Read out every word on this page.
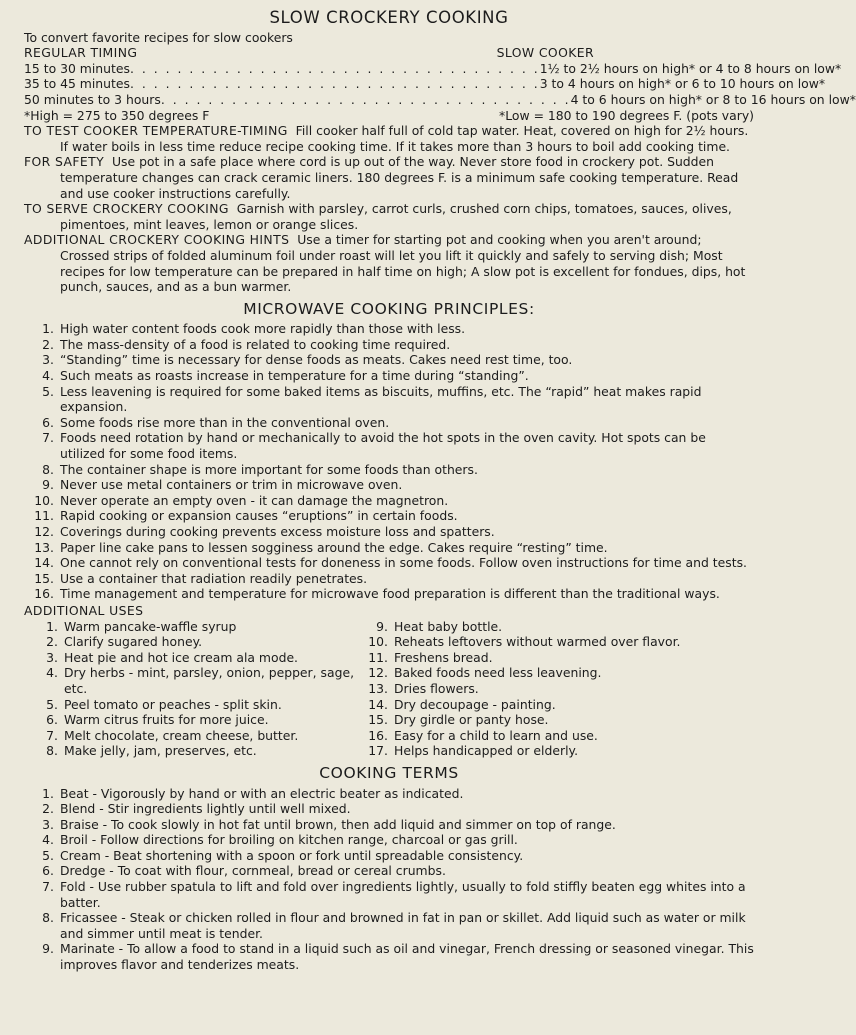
SLOW CROCKERY COOKING
To convert favorite recipes for slow cookers
REGULAR TIMING	SLOW COOKER
15 to 30 minutes . . . . . . . . . . . . . . . . . . . . . . . . . . . . . . . . . . . 1½ to 2½ hours on high* or 4 to 8 hours on low*
35 to 45 minutes . . . . . . . . . . . . . . . . . . . . . . . . . . . . . . . . . . . 3 to 4 hours on high* or 6 to 10 hours on low*
50 minutes to 3 hours . . . . . . . . . . . . . . . . . . . . . . . . . . . . . . . . . . . 4 to 6 hours on high* or 8 to 16 hours on low*
*High = 275 to 350 degrees F	*Low = 180 to 190 degrees F. (pots vary)

TO TEST COOKER TEMPERATURE-TIMING Fill cooker half full of cold tap water. Heat, covered on high for 2½ hours. If water boils in less time reduce recipe cooking time. If it takes more than 3 hours to boil add cooking time.

FOR SAFETY Use pot in a safe place where cord is up out of the way. Never store food in crockery pot. Sudden temperature changes can crack ceramic liners. 180 degrees F. is a minimum safe cooking temperature. Read and use cooker instructions carefully.

TO SERVE CROCKERY COOKING Garnish with parsley, carrot curls, crushed corn chips, tomatoes, sauces, olives, pimentoes, mint leaves, lemon or orange slices.

ADDITIONAL CROCKERY COOKING HINTS Use a timer for starting pot and cooking when you aren't around; Crossed strips of folded aluminum foil under roast will let you lift it quickly and safely to serving dish; Most recipes for low temperature can be prepared in half time on high; A slow pot is excellent for fondues, dips, hot punch, sauces, and as a bun warmer.

MICROWAVE COOKING PRINCIPLES:
1. High water content foods cook more rapidly than those with less.
2. The mass-density of a food is related to cooking time required.
3. “Standing” time is necessary for dense foods as meats. Cakes need rest time, too.
4. Such meats as roasts increase in temperature for a time during “standing”.
5. Less leavening is required for some baked items as biscuits, muffins, etc. The “rapid” heat makes rapid expansion.
6. Some foods rise more than in the conventional oven.
7. Foods need rotation by hand or mechanically to avoid the hot spots in the oven cavity. Hot spots can be utilized for some food items.
8. The container shape is more important for some foods than others.
9. Never use metal containers or trim in microwave oven.
10. Never operate an empty oven - it can damage the magnetron.
11. Rapid cooking or expansion causes “eruptions” in certain foods.
12. Coverings during cooking prevents excess moisture loss and spatters.
13. Paper line cake pans to lessen sogginess around the edge. Cakes require “resting” time.
14. One cannot rely on conventional tests for doneness in some foods. Follow oven instructions for time and tests.
15. Use a container that radiation readily penetrates.
16. Time management and temperature for microwave food preparation is different than the traditional ways.
ADDITIONAL USES
1. Warm pancake-waffle syrup
2. Clarify sugared honey.
3. Heat pie and hot ice cream ala mode.
4. Dry herbs - mint, parsley, onion, pepper, sage, etc.
5. Peel tomato or peaches - split skin.
6. Warm citrus fruits for more juice.
7. Melt chocolate, cream cheese, butter.
8. Make jelly, jam, preserves, etc.
9. Heat baby bottle.
10. Reheats leftovers without warmed over flavor.
11. Freshens bread.
12. Baked foods need less leavening.
13. Dries flowers.
14. Dry decoupage - painting.
15. Dry girdle or panty hose.
16. Easy for a child to learn and use.
17. Helps handicapped or elderly.
COOKING TERMS
1. Beat - Vigorously by hand or with an electric beater as indicated.
2. Blend - Stir ingredients lightly until well mixed.
3. Braise - To cook slowly in hot fat until brown, then add liquid and simmer on top of range.
4. Broil - Follow directions for broiling on kitchen range, charcoal or gas grill.
5. Cream - Beat shortening with a spoon or fork until spreadable consistency.
6. Dredge - To coat with flour, cornmeal, bread or cereal crumbs.
7. Fold - Use rubber spatula to lift and fold over ingredients lightly, usually to fold stiffly beaten egg whites into a batter.
8. Fricassee - Steak or chicken rolled in flour and browned in fat in pan or skillet. Add liquid such as water or milk and simmer until meat is tender.
9. Marinate - To allow a food to stand in a liquid such as oil and vinegar, French dressing or seasoned vinegar. This improves flavor and tenderizes meats.
